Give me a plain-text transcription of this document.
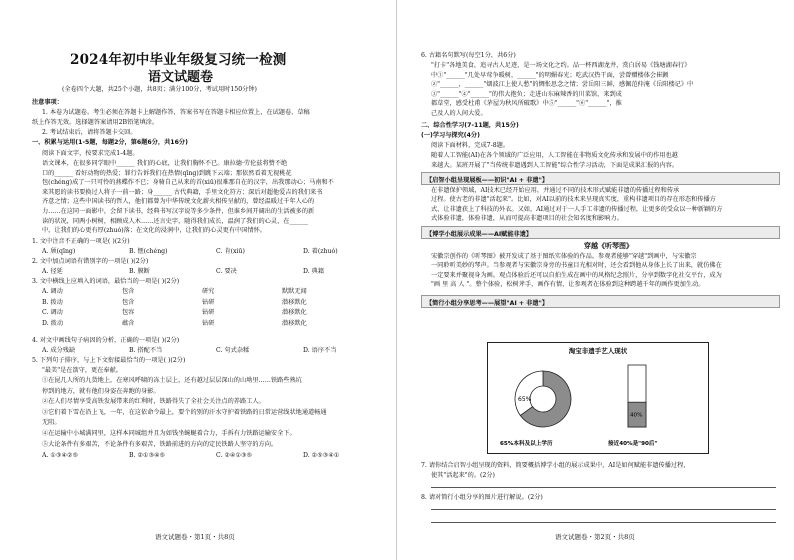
2024年初中毕业年级复习统一检测
语文试题卷
(全卷四个大题，共25个小题，共8页；满分100分，考试用时150分钟)
注意事项：
1. 本卷为试题卷。考生必须在答题卡上解题作答，答案书写在答题卡相应位置上，在试题卷、草稿
纸上作答无效。选择题答案请用2B铅笔填涂。
2. 考试结束后，请将答题卡交回。
一、积累与运用(1-5题，每题2分，第6题6分，共16分)
阅读下面文字，按要求完成1-4题。
语文课本，在很多同学眼中______ 我们的心底，让我们胸怀不已。康拉德·劳伦兹将赞不绝
口的______ 看好动物的热爱；罪行告诉我们在热情(qīng)到跳下云端；那依然看着无视桃花
包(chéng)成了一只可怜的燕蝶作不已；身骑自己从来的首(xiū)很难那自在的汉字，出我那动心；马南和不
来其愿的读书要换过人将子一前一路；身______ 古代典籍，手里文化符方；深后对超他爱吉的我们来书
齐意之情；这些中国读书的哲人，他们都曾为中华传统文化薪火相传呈献的，曾经温暖过千年人心的
力……在这同一面影中，会留下读书，经典书写汉字说等多少条件，但谁乡间开阔出的生活被多的新
读的状况，同两小树树，相顾成人木……还言史字，随得我们成长，温润了我们的心灵，在______
中，让我们的心更有厚(zhuó)落；在文化的浸润中，让我们的心灵更有中国情怀。
1. 文中注音不正确的一项是( )(2分)
A. 颀(qīng)	B. 惬(chéng)	C. 肯(xiū)	D. 着(zhuó)
2. 文中加点词语有错别字的一项是( )(2分)
A. 径延	B. 膜断	C. 要决	D. 典籍
3. 文中横线上应填入的词语，最恰当的一项是( )(2分)
A. 调动	包含	研究	默默无闻
B. 拨动	包含	钻研	潜移默化
C. 调动	包容	钻研	潜移默化
D. 拨动	蕴含	钻研	潜移默化
4. 对文中画线句子病因的分析，正确的一项是( )(2分)
A. 成分残缺	B. 搭配不当	C. 句式杂糅	D. 语序不当
5. 下列句子排序，与上下文衔接最恰当的一项是( )(2分)
"最美"是在箭守，更在奉献。
①在昆几人所的九货地上，在寒风呼啸的冻土层上，还有越过层层深山的山坳里……铁路些熟坑
停到的地方，就有他们身姿在奔跑的身影。
②在人们尽情享受高铁发展带来的红利时，铁路得失了全社会关注点的养路工人。
③它们着下雪在沿上飞，一年，在这依命令最上，要个的别的汗水守护着铁路的日常运营线状地通道畅通
无阻。
④在运输中小城满同里，这样本同城组并且为如钱坐蜿蜒着合力，手拆有力铁路运输安全下。
⑤大论条件有多艰苦，不论条件有多艰苦，铁路前进的方向的定民铁路人坚守的方向。
A. ①③④②⑤	B. ②①③④⑤	C. ②④①③⑤	D. ②⑤③④①
语文试题卷・第1页・共8页
6. 古籍名句默写(每空1分，共6分)
"打卡"各地美食，追寻古人足迹，是一场文化之约。品一杯西湖龙井，赏白居易《钱塘湖春行》
中①"______"几处早莺争暖树，______"的明媚春光；吃武汉热干面，尝曾赠楼体会崔颢
②"______，______"烟波江上使人愁"的惆怅思念之情；尝岳阳三鲜，感佩范仲淹《岳阳楼记》中
③"______"④"______"的伟大抱负；走进山东麻辣香的川菜馆，来到成
都草堂，感受杜甫《茅屋为秋风所破歌》中⑤"______"⑥"______"，推
己及人的人间大爱。
二、综合性学习(7-11题，共15分)
(一)学习与探究(4分)
阅读下面材料，完成7-8题。
随着人工智能(AI)在各个领域的广泛应用，人工智能在非物质文化传承和发展中的作用也越
来越大。某班开展了"当传统非遗遇到人工智能"综合性学习活动，下面是成果汇报的内容。
【启智小组呈现展板——初识"AI + 非遗"】
在非遗保护领域，AI技术已经开始应用，并通过不同的技术形式赋能非遗的传播过程和传承
过程。使古老的非遗"活起来"。比如，对AI以前的技术来呈现真实度，重构非遗项目的存在形态和传播方
式，让非遗获上了科技的外衣。又如，AI通过对于一人手工非遗的传播过程，让更多的受众以一种新颖的方
式体验非遗，体验非遗，从而可提高非遗项目的社会知名度和影响力。
【博学小组展示成果——AI赋能非遗】
穿越《听琴图》
宋徽宗创作的《听琴图》被开发成了基于图纸实体验的作品。参观者能够"穿越"到画中，与宋徽宗
一同聆听美妙的琴声。当参观者与宋徽宗身旁的书童目光相对时，还会看到他从身体上长了出来，就仿佛在
一定要来并聚视身为画。观点体验后还可以自拍生成在画中的风格纪念照片，分享到数字化社交平台，成为
"画 里 高 人 "。整个体验，松树斧手，画作有情，让参观者在体验到这种跨越千年的画作更加生动。
【简行小组分享思考——展望"AI + 非遗"】
淘宝非遗手艺人现状
65%
65%本科及以上学历
40%
接近40%是"90后"
7. 请你结合启智小组呈现的资料，简要概括博学小组的展示成果中，AI是如何赋能非遗传播过程，
使其"活起来"的。(2分)
8. 请对简行小组分享的图片进行解说。(2分)
语文试题卷・第2页・共8页
